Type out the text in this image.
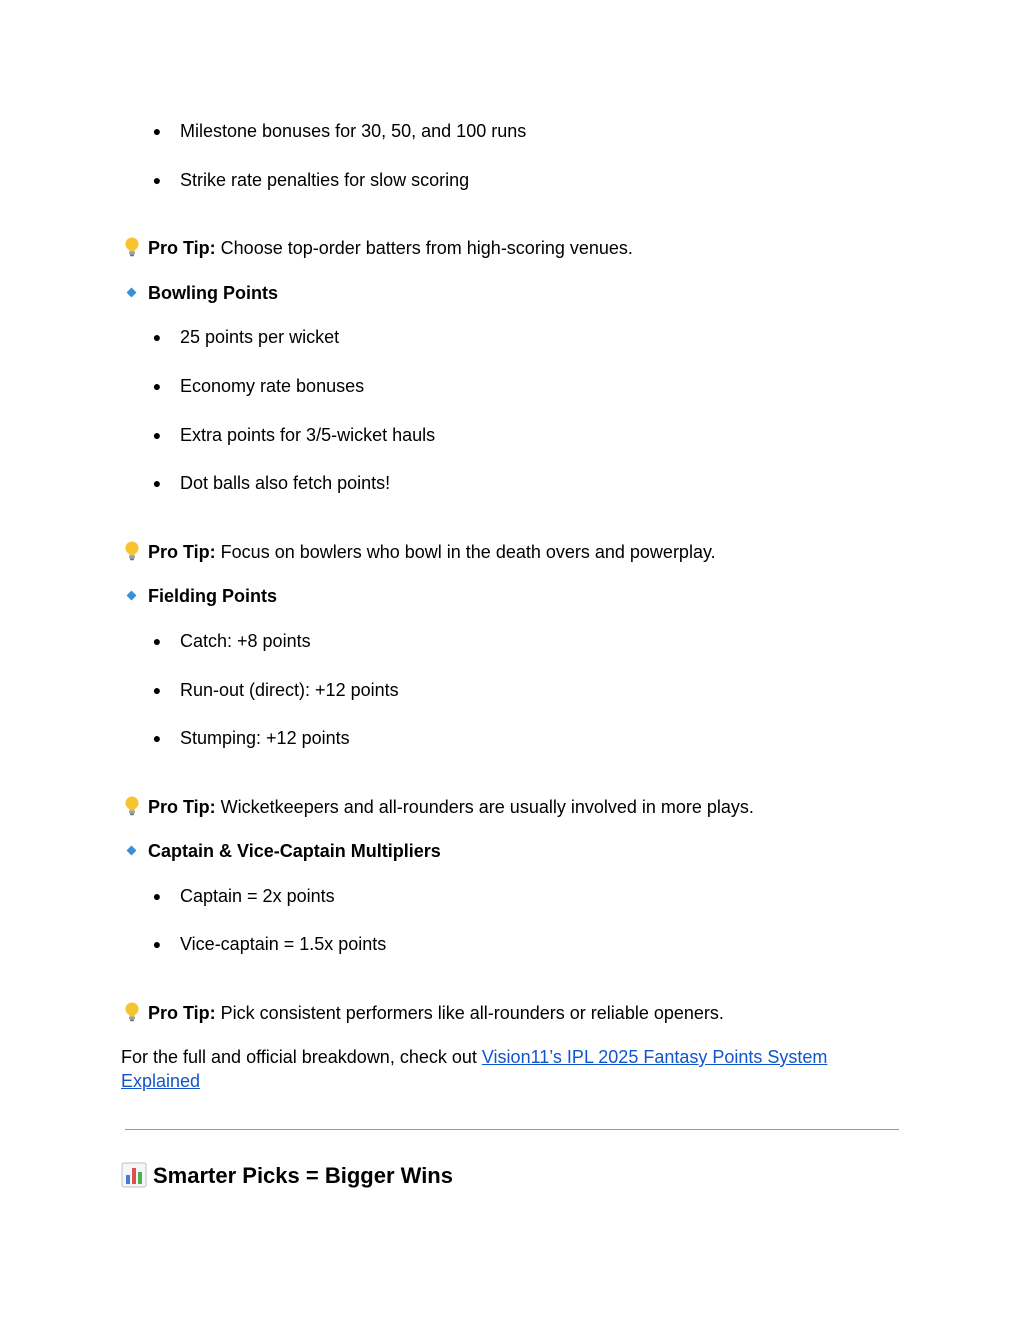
● Milestone bonuses for 30, 50, and 100 runs
● Strike rate penalties for slow scoring
Pro Tip: Choose top-order batters from high-scoring venues.
Bowling Points
● 25 points per wicket
● Economy rate bonuses
● Extra points for 3/5-wicket hauls
● Dot balls also fetch points!
Pro Tip: Focus on bowlers who bowl in the death overs and powerplay.
Fielding Points
● Catch: +8 points
● Run-out (direct): +12 points
● Stumping: +12 points
Pro Tip: Wicketkeepers and all-rounders are usually involved in more plays.
Captain & Vice-Captain Multipliers
● Captain = 2x points
● Vice-captain = 1.5x points
Pro Tip: Pick consistent performers like all-rounders or reliable openers.
For the full and official breakdown, check out Vision11’s IPL 2025 Fantasy Points System Explained
Smarter Picks = Bigger Wins
